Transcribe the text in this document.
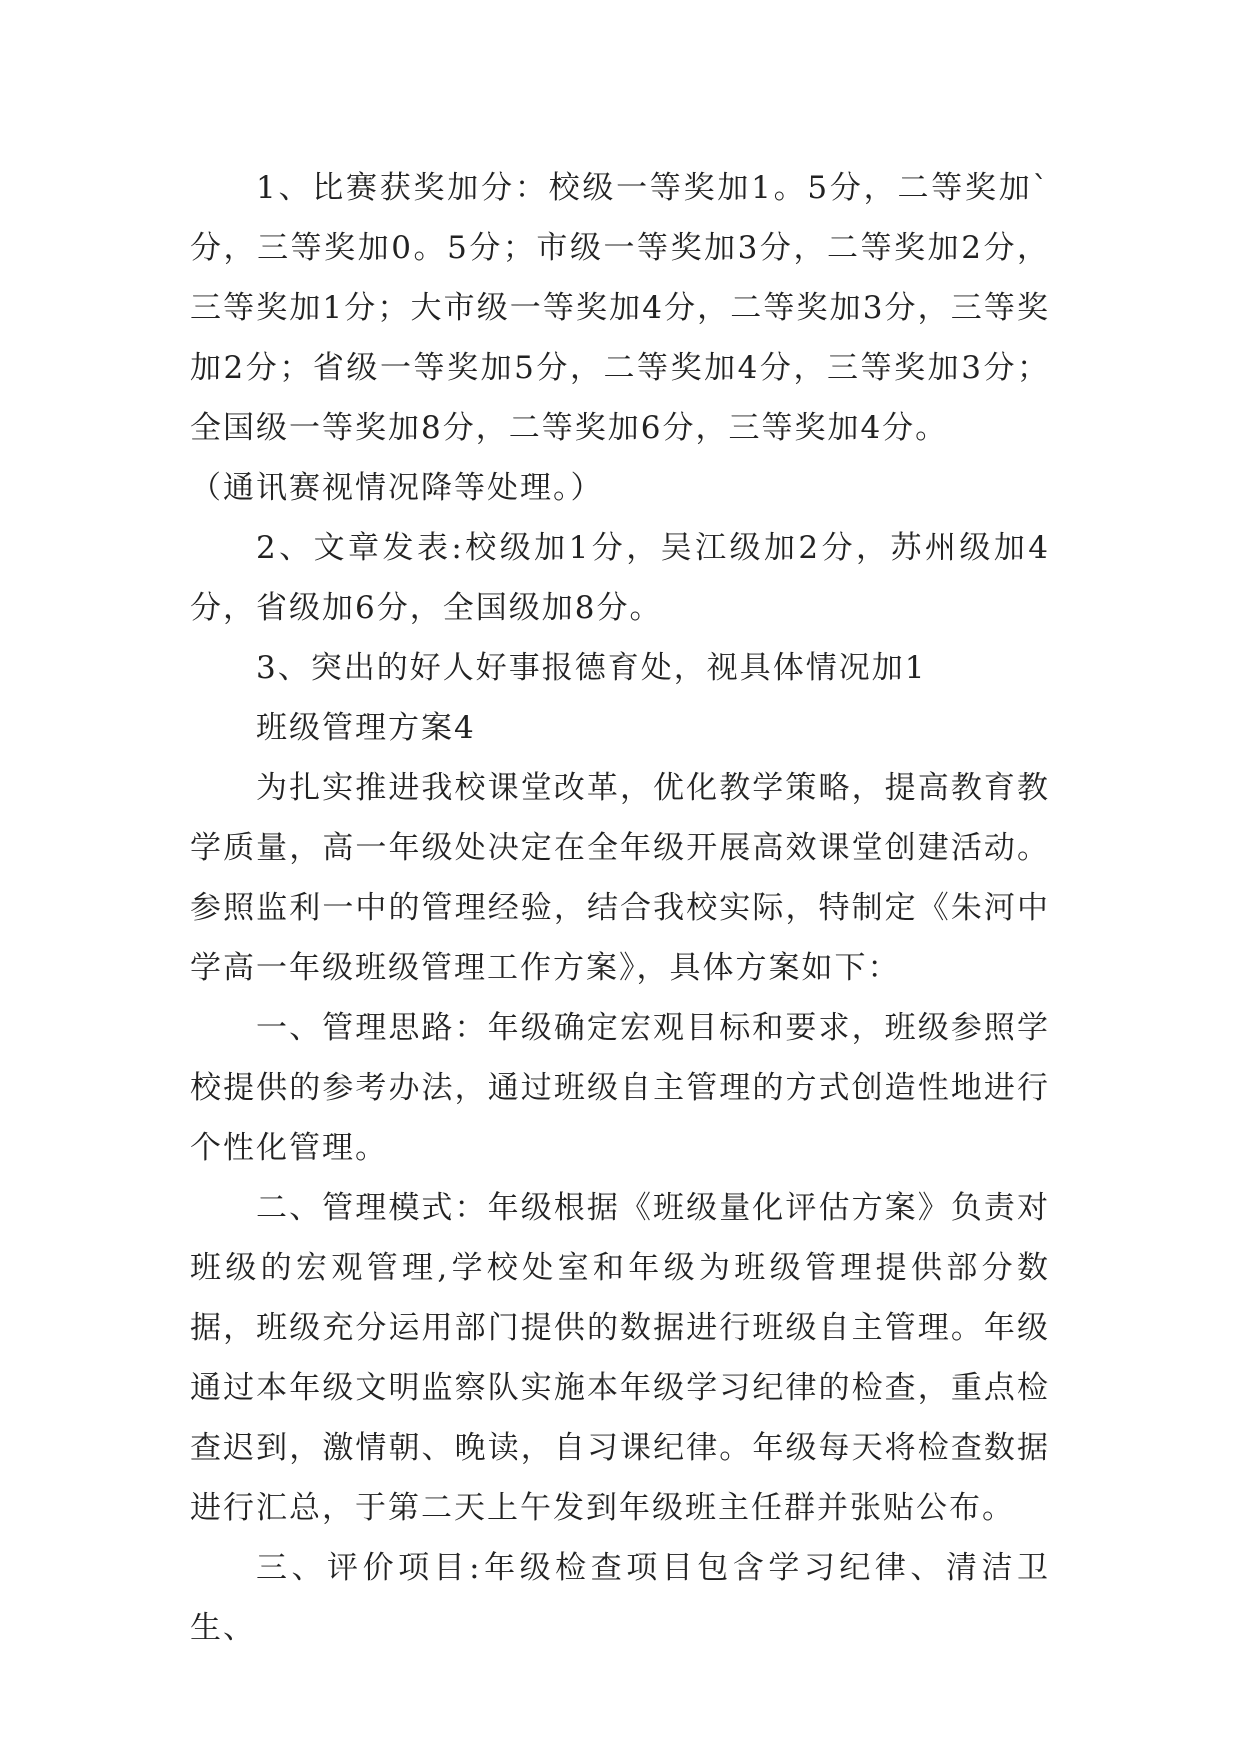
1、比赛获奖加分：校级一等奖加1。5分，二等奖加`分，三等奖加0。5分；市级一等奖加3分，二等奖加2分，三等奖加1分；大市级一等奖加4分，二等奖加3分，三等奖加2分；省级一等奖加5分，二等奖加4分，三等奖加3分；全国级一等奖加8分，二等奖加6分，三等奖加4分。

（通讯赛视情况降等处理。）

2、文章发表:校级加1分，吴江级加2分，苏州级加4分，省级加6分，全国级加8分。

3、突出的好人好事报德育处，视具体情况加1

班级管理方案4

为扎实推进我校课堂改革，优化教学策略，提高教育教学质量，高一年级处决定在全年级开展高效课堂创建活动。参照监利一中的管理经验，结合我校实际，特制定《朱河中学高一年级班级管理工作方案》，具体方案如下：

一、管理思路：年级确定宏观目标和要求，班级参照学校提供的参考办法，通过班级自主管理的方式创造性地进行个性化管理。

二、管理模式：年级根据《班级量化评估方案》负责对班级的宏观管理,学校处室和年级为班级管理提供部分数据，班级充分运用部门提供的数据进行班级自主管理。年级通过本年级文明监察队实施本年级学习纪律的检查，重点检查迟到，激情朝、晚读，自习课纪律。年级每天将检查数据进行汇总，于第二天上午发到年级班主任群并张贴公布。

三、评价项目:年级检查项目包含学习纪律、清洁卫生、
